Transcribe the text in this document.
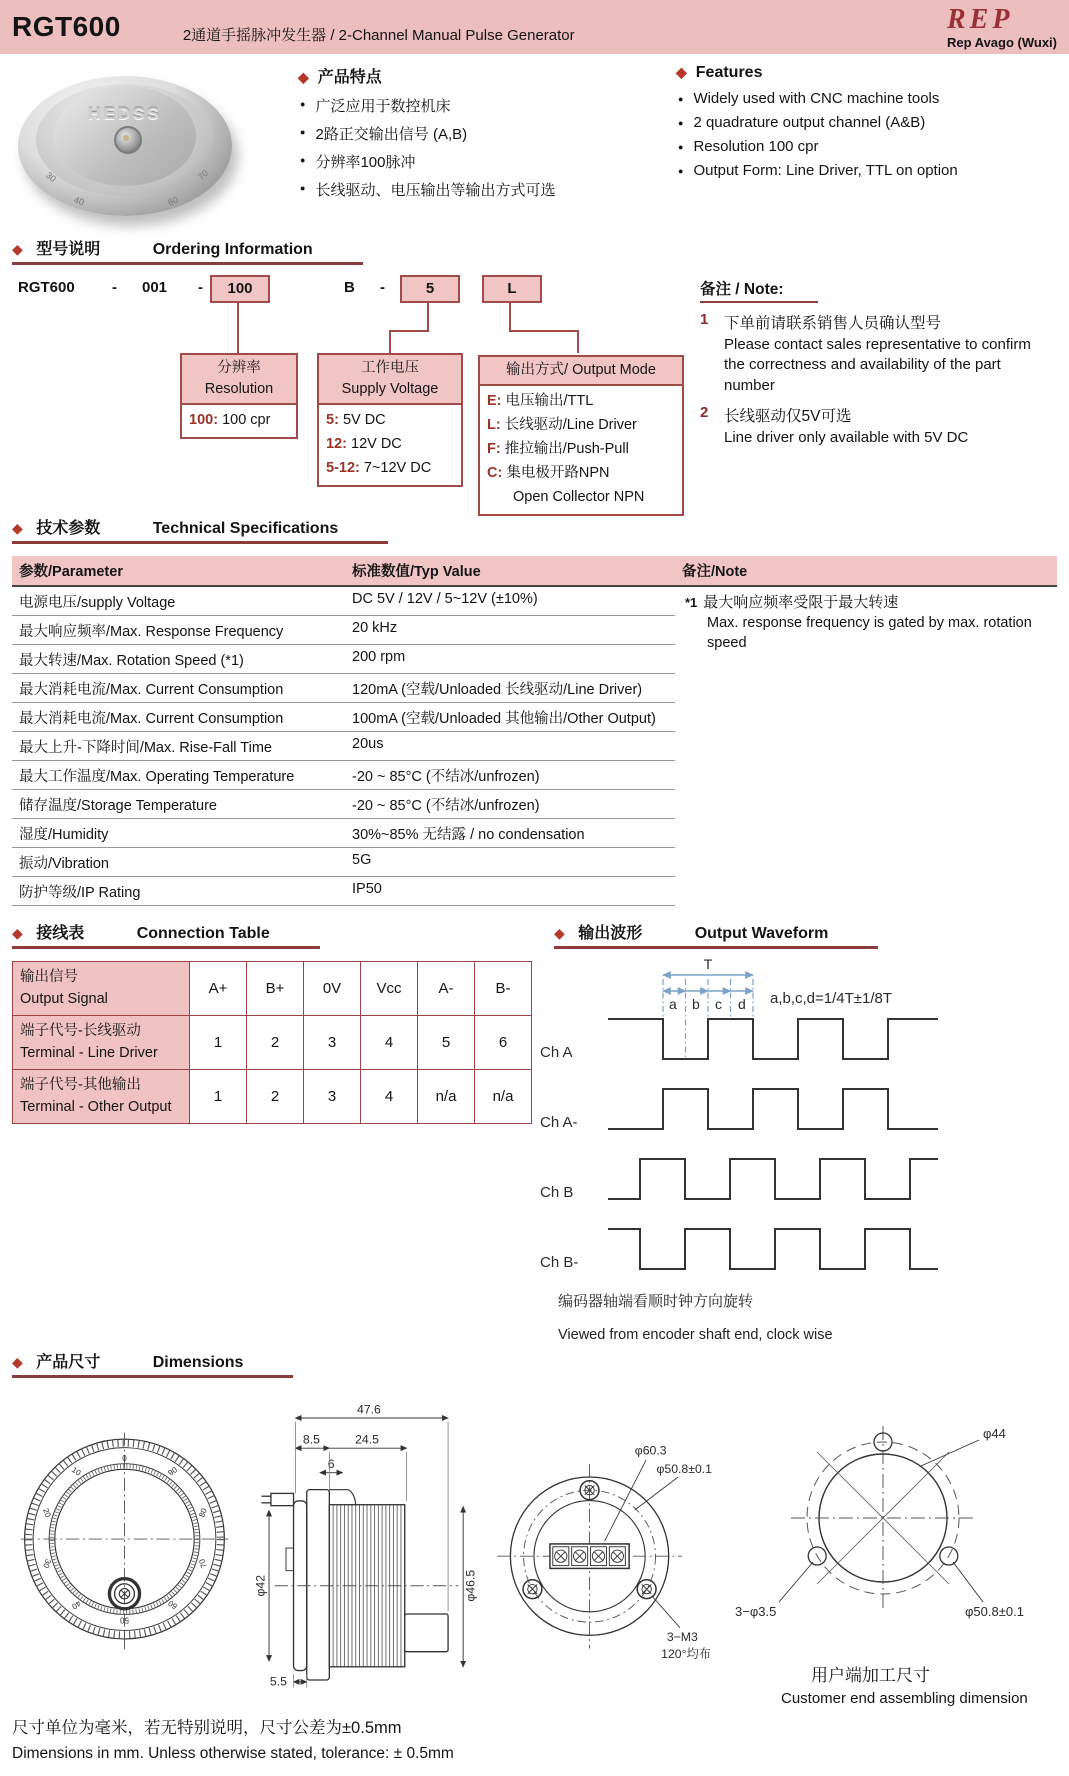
RGT600	2通道手摇脉冲发生器 / 2-Channel Manual Pulse Generator
REP
Rep Avago (Wuxi)
HEDSS
30
40	60
70
◆ 产品特点
● 广泛应用于数控机床
● 2路正交输出信号 (A,B)
● 分辨率100脉冲
● 长线驱动、电压输出等输出方式可选
◆ Features
● Widely used with CNC machine tools
● 2 quadrature output channel (A&B)
● Resolution 100 cpr
● Output Form: Line Driver, TTL on option
◆ 型号说明	Ordering Information
RGT600 - 001 -	100	B -	5	L
分辨率
Resolution
100: 100 cpr
工作电压
Supply Voltage
5: 5V DC
12: 12V DC
5-12: 7~12V DC
输出方式/ Output Mode
E: 电压输出/TTL
L: 长线驱动/Line Driver
F: 推拉输出/Push-Pull
C: 集电极开路NPN
Open Collector NPN
备注 / Note:
1	下单前请联系销售人员确认型号
Please contact sales representative to confirm the correctness and availability of the part number
2	长线驱动仅5V可选
Line driver only available with 5V DC
◆ 技术参数	Technical Specifications
参数/Parameter	标准数值/Typ Value	备注/Note
*1 最大响应频率受限于最大转速
Max. response frequency is gated by max. rotation speed
电源电压/supply Voltage	DC 5V / 12V / 5~12V (±10%)
最大响应频率/Max. Response Frequency	20 kHz
最大转速/Max. Rotation Speed (*1)	200 rpm
最大消耗电流/Max. Current Consumption	120mA (空载/Unloaded 长线驱动/Line Driver)
最大消耗电流/Max. Current Consumption	100mA (空载/Unloaded 其他输出/Other Output)
最大上升-下降时间/Max. Rise-Fall Time	20us
最大工作温度/Max. Operating Temperature	-20 ~ 85°C (不结冰/unfrozen)
储存温度/Storage Temperature	-20 ~ 85°C (不结冰/unfrozen)
湿度/Humidity	30%~85% 无结露 / no condensation
振动/Vibration	5G
防护等级/IP Rating	IP50
◆ 接线表	Connection Table
输出信号
Output Signal	A+	B+	0V	Vcc	A-	B-

端子代号-长线驱动
Terminal - Line Driver	1	2	3	4	5	6

端子代号-其他输出
Terminal - Other Output	1	2	3	4	n/a	n/a
◆ 输出波形	Output Waveform
T
a b c d a,b,c,d=1/4T±1/8T
Ch A
Ch A-
Ch B
Ch B-
编码器轴端看顺时钟方向旋转
Viewed from encoder shaft end, clock wise
◆ 产品尺寸	Dimensions
0
10
20
30
40
50
60
70
80
90
47.6
8.5	24.5
6
φ42	φ46.5
5.5
φ60.3
φ50.8±0.1
3−M3
120°均布
φ44
3−φ3.5	φ50.8±0.1
用户端加工尺寸
Customer end assembling dimension
尺寸单位为毫米，若无特别说明，尺寸公差为±0.5mm
Dimensions in mm. Unless otherwise stated, tolerance: ± 0.5mm
